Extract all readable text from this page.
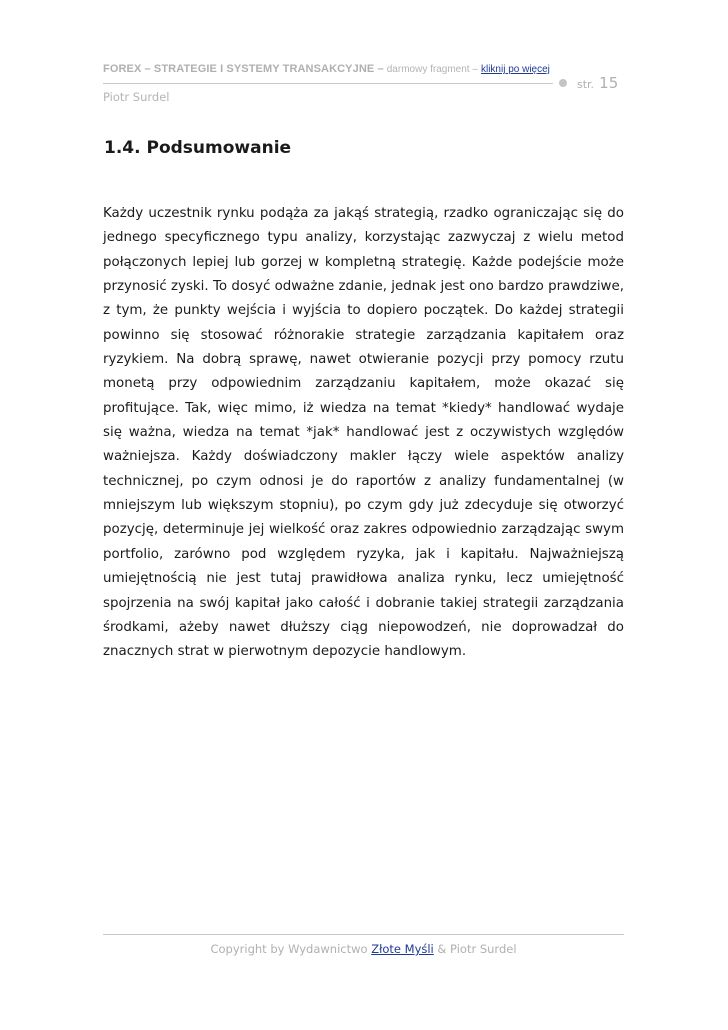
FOREX – STRATEGIE I SYSTEMY TRANSAKCYJNE – darmowy fragment – kliknij po więcej
str. 15
Piotr Surdel
1.4. Podsumowanie

Każdy uczestnik rynku podąża za jakąś strategią, rzadko ograniczając się do jednego specyficznego typu analizy, korzystając zazwyczaj z wielu metod połączonych lepiej lub gorzej w kompletną strategię. Każde podejście może przynosić zyski. To dosyć odważne zdanie, jednak jest ono bardzo prawdziwe, z tym, że punkty wejścia i wyjścia to dopiero początek. Do każdej strategii powinno się stosować różnorakie strategie zarządzania kapitałem oraz ryzykiem. Na dobrą sprawę, nawet otwieranie pozycji przy pomocy rzutu monetą przy odpowiednim zarządzaniu kapitałem, może okazać się profitujące. Tak, więc mimo, iż wiedza na temat *kiedy* handlować wydaje się ważna, wiedza na temat *jak* handlować jest z oczywistych względów ważniejsza. Każdy doświadczony makler łączy wiele aspektów analizy technicznej, po czym odnosi je do raportów z analizy fundamentalnej (w mniejszym lub większym stopniu), po czym gdy już zdecyduje się otworzyć pozycję, determinuje jej wielkość oraz zakres odpowiednio zarządzając swym portfolio, zarówno pod względem ryzyka, jak i kapitału. Najważniejszą umiejętnością nie jest tutaj prawidłowa analiza rynku, lecz umiejętność spojrzenia na swój kapitał jako całość i dobranie takiej strategii zarządzania środkami, ażeby nawet dłuższy ciąg niepowodzeń, nie doprowadzał do znacznych strat w pierwotnym depozycie handlowym.

Copyright by Wydawnictwo Złote Myśli & Piotr Surdel
